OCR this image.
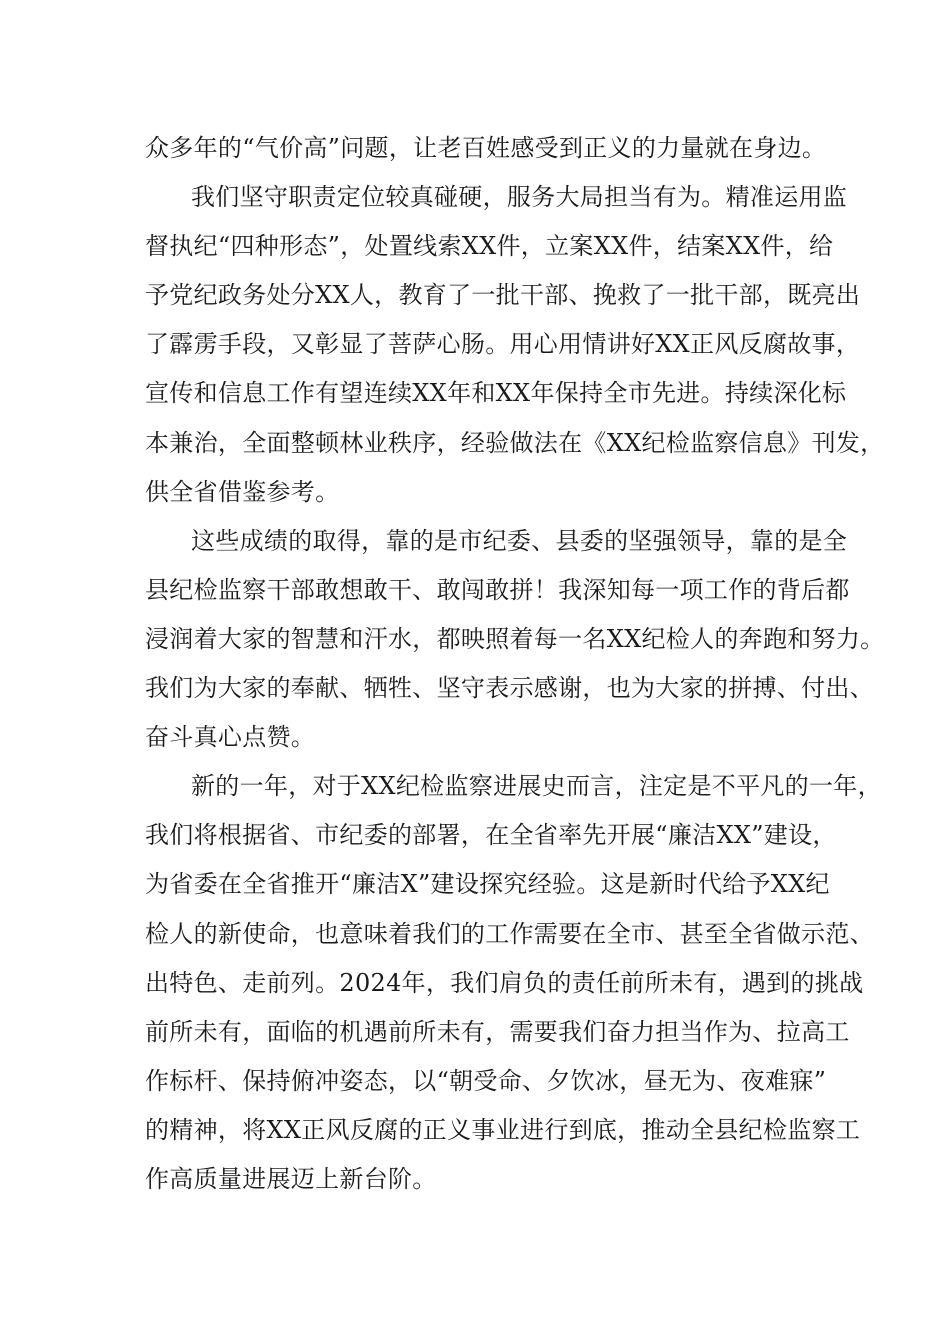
众多年的“气价高”问题，让老百姓感受到正义的力量就在身边。
我们坚守职责定位较真碰硬，服务大局担当有为。精准运用监
督执纪“四种形态”，处置线索XX件，立案XX件，结案XX件，给
予党纪政务处分XX人，教育了一批干部、挽救了一批干部，既亮出
了霹雳手段，又彰显了菩萨心肠。用心用情讲好XX正风反腐故事，
宣传和信息工作有望连续XX年和XX年保持全市先进。持续深化标
本兼治，全面整顿林业秩序，经验做法在《XX纪检监察信息》刊发，
供全省借鉴参考。
这些成绩的取得，靠的是市纪委、县委的坚强领导，靠的是全
县纪检监察干部敢想敢干、敢闯敢拼！我深知每一项工作的背后都
浸润着大家的智慧和汗水，都映照着每一名XX纪检人的奔跑和努力。
我们为大家的奉献、牺牲、坚守表示感谢，也为大家的拼搏、付出、
奋斗真心点赞。
新的一年，对于XX纪检监察进展史而言，注定是不平凡的一年，
我们将根据省、市纪委的部署，在全省率先开展“廉洁XX”建设，
为省委在全省推开“廉洁X”建设探究经验。这是新时代给予XX纪
检人的新使命，也意味着我们的工作需要在全市、甚至全省做示范、
出特色、走前列。2024年，我们肩负的责任前所未有，遇到的挑战
前所未有，面临的机遇前所未有，需要我们奋力担当作为、拉高工
作标杆、保持俯冲姿态，以“朝受命、夕饮冰，昼无为、夜难寐”
的精神，将XX正风反腐的正义事业进行到底，推动全县纪检监察工
作高质量进展迈上新台阶。
